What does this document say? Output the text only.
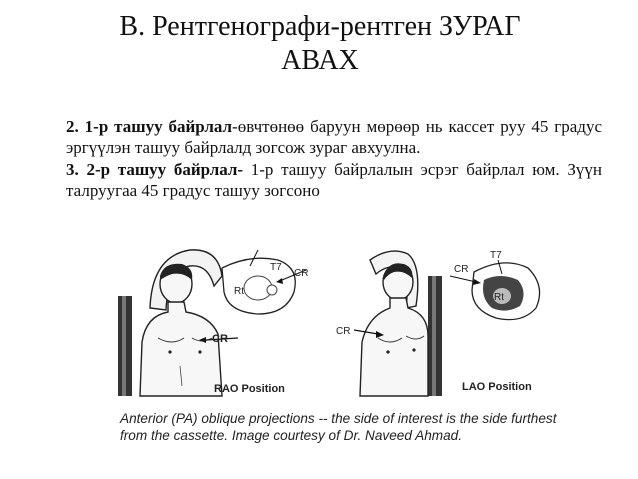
B. Рентгенографи-рентген ЗУРАГ
АВАХ

2. 1-р ташуу байрлал-өвчтөнөө баруун мөрөөр нь кассет руу 45 градус эргүүлэн ташуу байрлалд зогсож зураг авхуулна.

3. 2-р ташуу байрлал- 1-р ташуу байрлалын эсрэг байрлал юм. Зүүн талруугаа 45 градус ташуу зогсоно

CR
Rt
T7
CR
RAO Position
CR
T7
CR
Rt
LAO Position
Anterior (PA) oblique projections -- the side of interest is the side furthest from the cassette. Image courtesy of Dr. Naveed Ahmad.
